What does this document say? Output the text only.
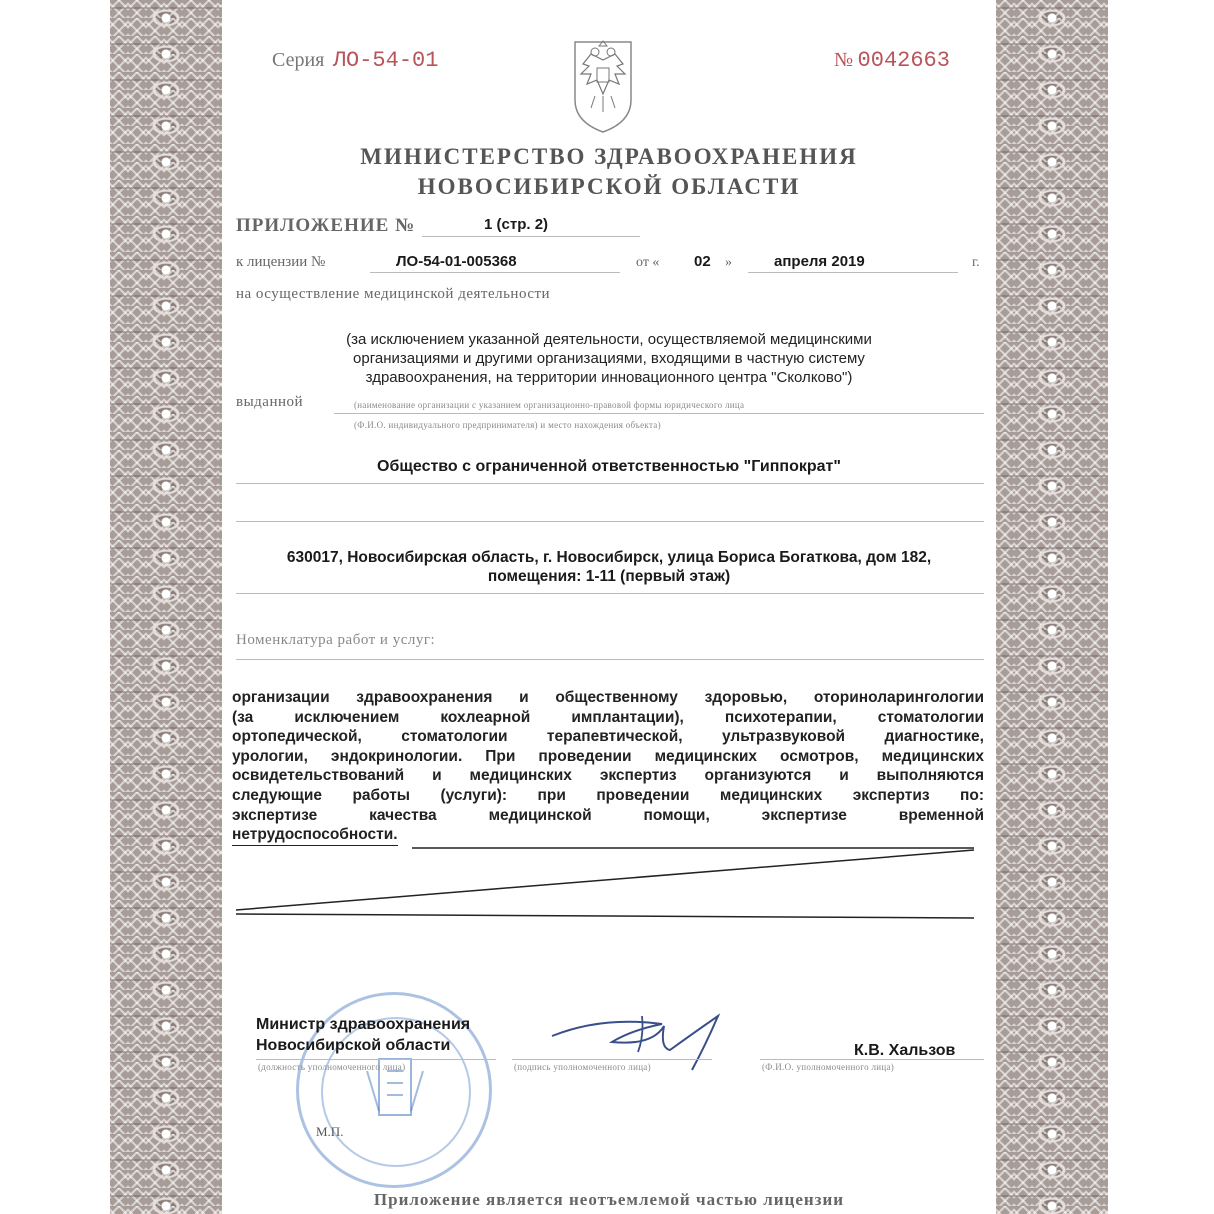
Серия ЛО-54-01	№ 0042663
МИНИСТЕРСТВО ЗДРАВООХРАНЕНИЯ
НОВОСИБИРСКОЙ ОБЛАСТИ
ПРИЛОЖЕНИЕ №	1 (стр. 2)
к лицензии №	ЛО-54-01-005368	от « 02 »	апреля 2019	г.
на осуществление медицинской деятельности
(за исключением указанной деятельности, осуществляемой медицинскими
организациями и другими организациями, входящими в частную систему
здравоохранения, на территории инновационного центра "Сколково")
выданной	(наименование организации с указанием организационно-правовой формы юридического лица
(Ф.И.О. индивидуального предпринимателя) и место нахождения объекта)
Общество с ограниченной ответственностью "Гиппократ"
630017, Новосибирская область, г. Новосибирск, улица Бориса Богаткова, дом 182,
помещения: 1-11 (первый этаж)
Номенклатура работ и услуг:
организации здравоохранения и общественному здоровью, оториноларингологии
(за исключением кохлеарной имплантации), психотерапии, стоматологии
ортопедической, стоматологии терапевтической, ультразвуковой диагностике,
урологии, эндокринологии. При проведении медицинских осмотров, медицинских
освидетельствований и медицинских экспертиз организуются и выполняются
следующие работы (услуги): при проведении медицинских экспертиз по:
экспертизе качества медицинской помощи, экспертизе временной
нетрудоспособности.
Министр здравоохранения
Новосибирской области
(должность уполномоченного лица)	(подпись уполномоченного лица)
К.В. Хальзов
(Ф.И.О. уполномоченного лица)
М.П.
Приложение является неотъемлемой частью лицензии
